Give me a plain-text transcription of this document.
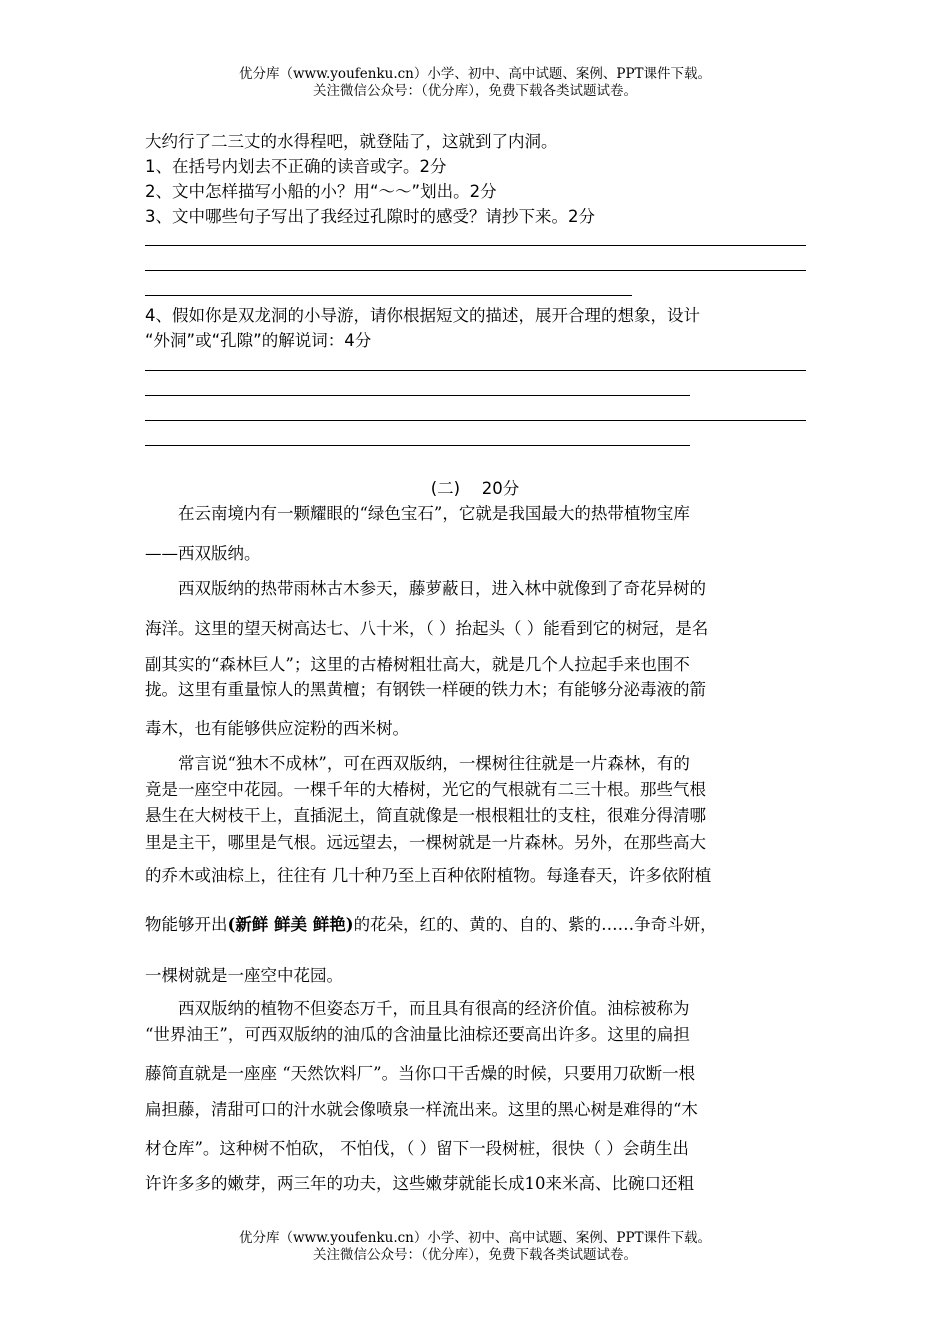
优分库（www.youfenku.cn）小学、初中、高中试题、案例、PPT课件下载。
关注微信公众号：（优分库），免费下载各类试题试卷。
大约行了二三丈的水得程吧，就登陆了，这就到了内洞。
1、在括号内划去不正确的读音或字。2分
2、文中怎样描写小船的小？用“～～”划出。2分
3、文中哪些句子写出了我经过孔隙时的感受？请抄下来。2分
4、假如你是双龙洞的小导游，请你根据短文的描述，展开合理的想象，设计
“外洞”或“孔隙”的解说词：4分
(二)　 20分
　　在云南境内有一颗耀眼的“绿色宝石”，它就是我国最大的热带植物宝库
——西双版纳。
　　西双版纳的热带雨林古木参天，藤萝蔽日，进入林中就像到了奇花异树的
海洋。这里的望天树高达七、八十米，（ ）抬起头（ ）能看到它的树冠，是名
副其实的“森林巨人”；这里的古椿树粗壮高大，就是几个人拉起手来也围不
拢。这里有重量惊人的黑黄檀；有钢铁一样硬的铁力木；有能够分泌毒液的箭
毒木，也有能够供应淀粉的西米树。
　　常言说“独木不成林”，可在西双版纳，一棵树往往就是一片森林，有的
竟是一座空中花园。一棵千年的大椿树，光它的气根就有二三十根。那些气根
悬生在大树枝干上，直插泥土，简直就像是一根根粗壮的支柱，很难分得清哪
里是主干，哪里是气根。远远望去，一棵树就是一片森林。另外，在那些高大
的乔木或油棕上，往往有 几十种乃至上百种依附植物。每逢春天，许多依附植
物能够开出(新鲜 鲜美 鲜艳)的花朵，红的、黄的、自的、紫的……争奇斗妍，
一棵树就是一座空中花园。
　　西双版纳的植物不但姿态万千，而且具有很高的经济价值。油棕被称为
“世界油王”，可西双版纳的油瓜的含油量比油棕还要高出许多。这里的扁担
藤简直就是一座座 “天然饮料厂”。当你口干舌燥的时候，只要用刀砍断一根
扁担藤，清甜可口的汁水就会像喷泉一样流出来。这里的黑心树是难得的“木
材仓库”。这种树不怕砍， 不怕伐，（ ）留下一段树桩，很快（ ）会萌生出
许许多多的嫩芽，两三年的功夫，这些嫩芽就能长成10来米高、比碗口还粗
优分库（www.youfenku.cn）小学、初中、高中试题、案例、PPT课件下载。
关注微信公众号：（优分库），免费下载各类试题试卷。
